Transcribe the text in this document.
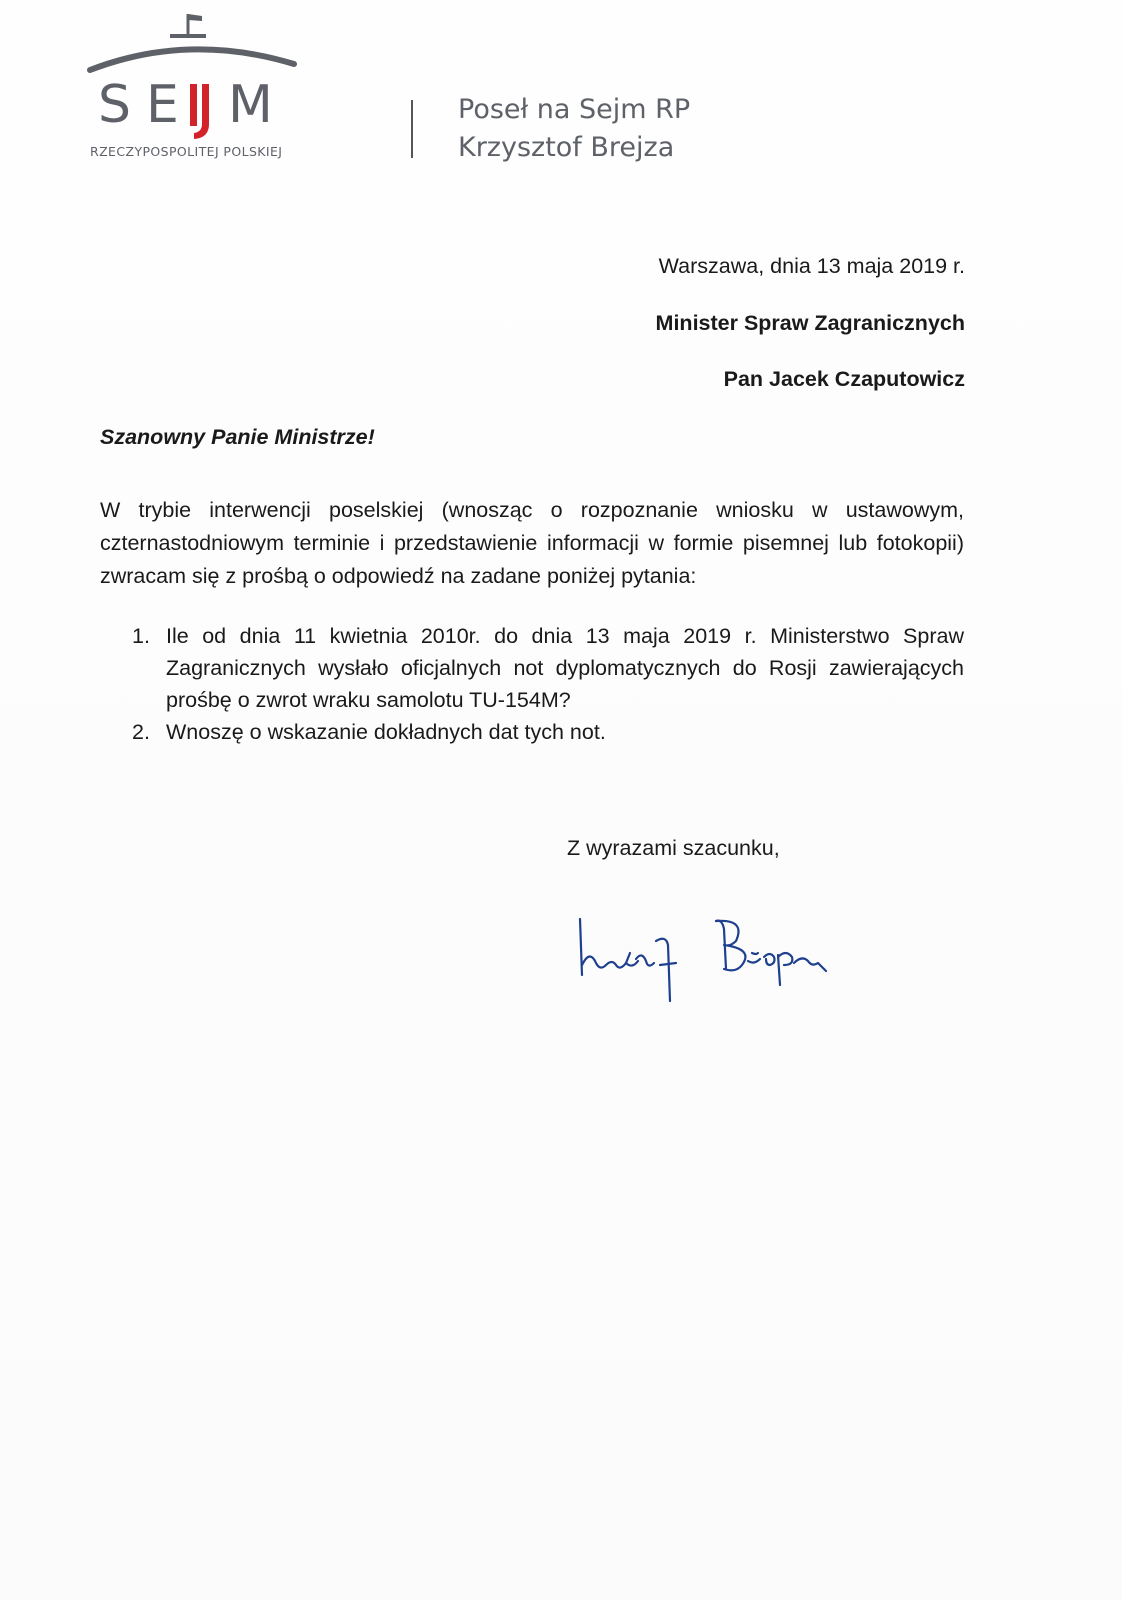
S E M
RZECZYPOSPOLITEJ POLSKIEJ
Poseł na Sejm RP
Krzysztof Brejza
Warszawa, dnia 13 maja 2019 r.
Minister Spraw Zagranicznych
Pan Jacek Czaputowicz
Szanowny Panie Ministrze!
W trybie interwencji poselskiej (wnosząc o rozpoznanie wniosku w ustawowym, czternastodniowym terminie i przedstawienie informacji w formie pisemnej lub fotokopii) zwracam się z prośbą o odpowiedź na zadane poniżej pytania:
1. Ile od dnia 11 kwietnia 2010r. do dnia 13 maja 2019 r. Ministerstwo Spraw Zagranicznych wysłało oficjalnych not dyplomatycznych do Rosji zawierających prośbę o zwrot wraku samolotu TU-154M?
2. Wnoszę o wskazanie dokładnych dat tych not.
Z wyrazami szacunku,
